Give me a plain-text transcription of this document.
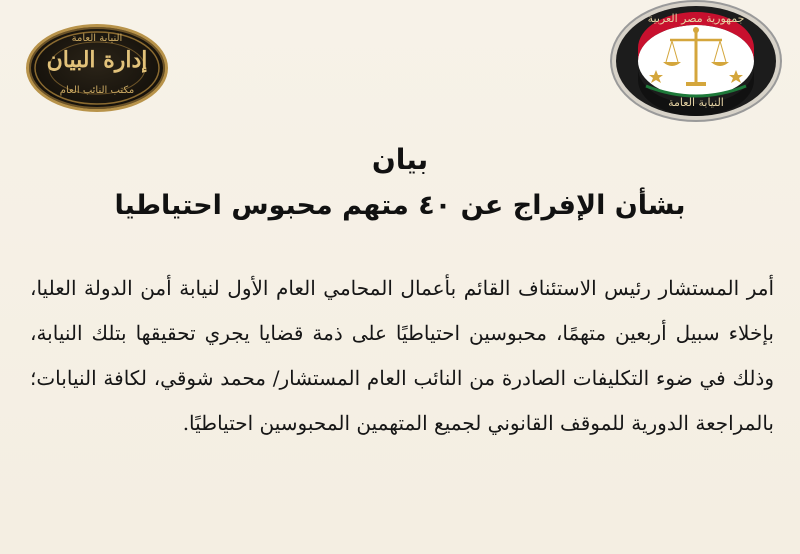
النيابة العامة
إدارة البيان
مكتب النائب العام
جمهورية مصر العربية
النيابة العامة
بيان
بشأن الإفراج عن ٤٠ متهم محبوس احتياطيا
أمر المستشار رئيس الاستئناف القائم بأعمال المحامي العام الأول لنيابة أمن الدولة العليا، بإخلاء سبيل أربعين متهمًا، محبوسين احتياطيًا على ذمة قضايا يجري تحقيقها بتلك النيابة، وذلك في ضوء التكليفات الصادرة من النائب العام المستشار/ محمد شوقي، لكافة النيابات؛ بالمراجعة الدورية للموقف القانوني لجميع المتهمين المحبوسين احتياطيًا.
